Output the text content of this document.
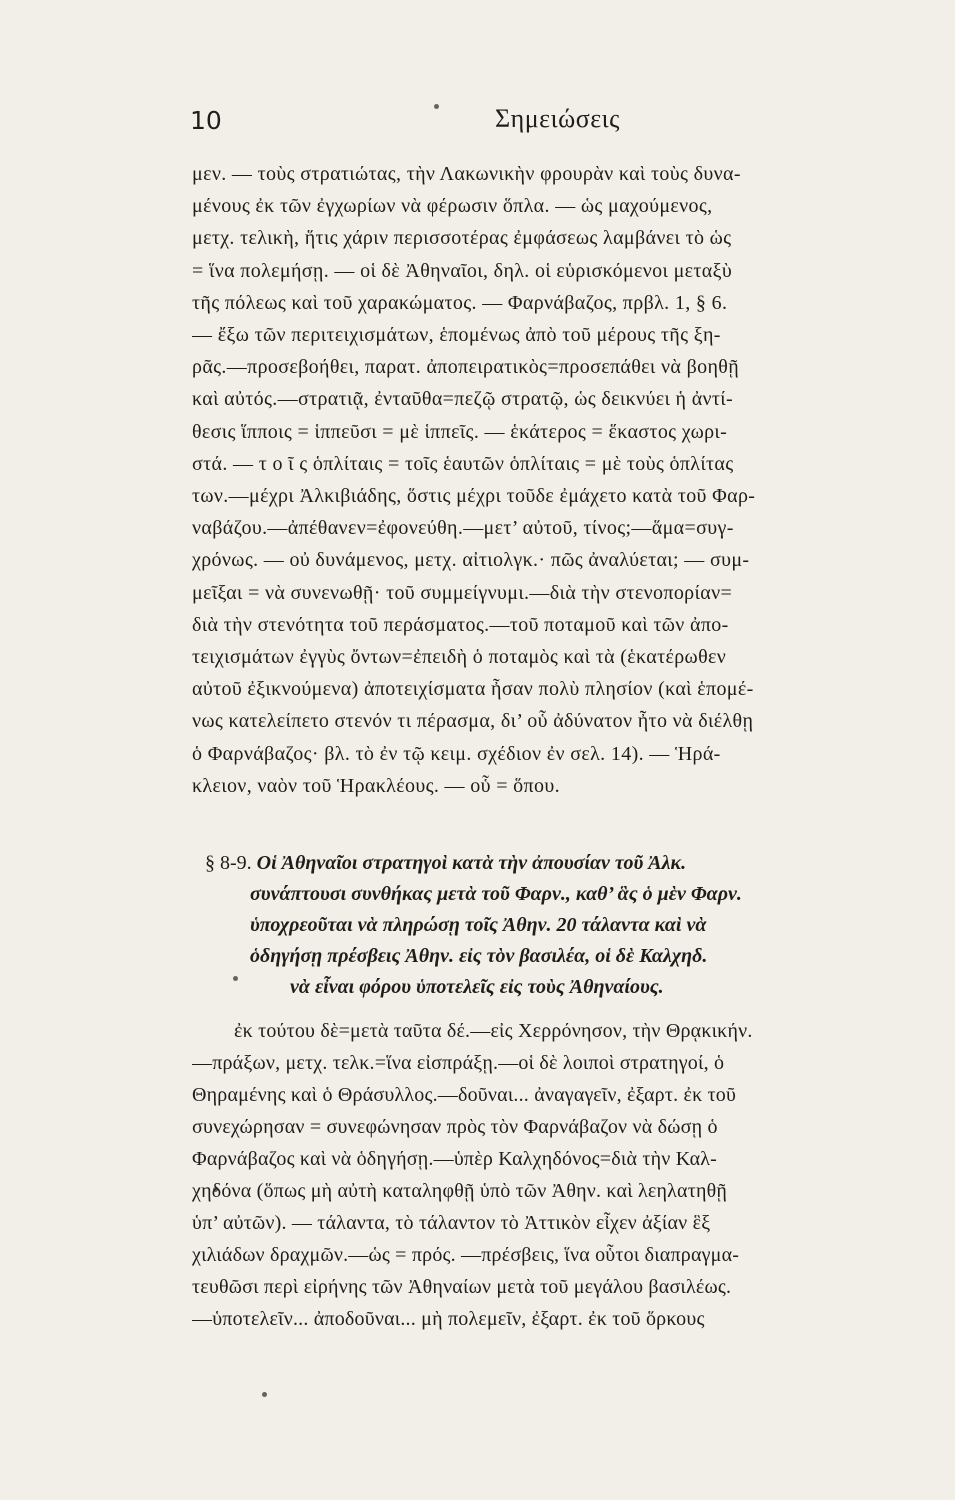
10	Σημειώσεις
μεν. — τοὺς στρατιώτας, τὴν Λακωνικὴν φρουρὰν καὶ τοὺς δυνα-
μένους ἐκ τῶν ἐγχωρίων νὰ φέρωσιν ὅπλα. — ὡς μαχούμενος,
μετχ. τελικὴ, ἥτις χάριν περισσοτέρας ἐμφάσεως λαμβάνει τὸ ὡς
= ἵνα πολεμήσῃ. — οἱ δὲ Ἀθηναῖοι, δηλ. οἱ εὑρισκόμενοι μεταξὺ
τῆς πόλεως καὶ τοῦ χαρακώματος. — Φαρνάβαζος, πρβλ. 1, § 6.
— ἔξω τῶν περιτειχισμάτων, ἑπομένως ἀπὸ τοῦ μέρους τῆς ξη-
ρᾶς.—προσεβοήθει, παρατ. ἀποπειρατικὸς=προσεπάθει νὰ βοηθῇ
καὶ αὐτός.—στρατιᾷ, ἐνταῦθα=πεζῷ στρατῷ, ὡς δεικνύει ἡ ἀντί-
θεσις ἵπποις = ἱππεῦσι = μὲ ἱππεῖς. — ἑκάτερος = ἕκαστος χωρι-
στά. — τ ο ῖ ς ὁπλίταις = τοῖς ἑαυτῶν ὁπλίταις = μὲ τοὺς ὁπλίτας
των.—μέχρι Ἀλκιβιάδης, ὅστις μέχρι τοῦδε ἐμάχετο κατὰ τοῦ Φαρ-
ναβάζου.—ἀπέθανεν=ἐφονεύθη.—μετ’ αὐτοῦ, τίνος;—ἅμα=συγ-
χρόνως. — οὐ δυνάμενος, μετχ. αἰτιολγκ.· πῶς ἀναλύεται; — συμ-
μεῖξαι = νὰ συνενωθῇ· τοῦ συμμείγνυμι.—διὰ τὴν στενοπορίαν=
διὰ τὴν στενότητα τοῦ περάσματος.—τοῦ ποταμοῦ καὶ τῶν ἀπο-
τειχισμάτων ἐγγὺς ὄντων=ἐπειδὴ ὁ ποταμὸς καὶ τὰ (ἑκατέρωθεν
αὐτοῦ ἐξικνούμενα) ἀποτειχίσματα ἦσαν πολὺ πλησίον (καὶ ἑπομέ-
νως κατελείπετο στενόν τι πέρασμα, δι’ οὗ ἀδύνατον ἦτο νὰ διέλθῃ
ὁ Φαρνάβαζος· βλ. τὸ ἐν τῷ κειμ. σχέδιον ἐν σελ. 14). — Ἡρά-
κλειον, ναὸν τοῦ Ἡρακλέους. — οὗ = ὅπου.
§ 8-9. Οἱ Ἀθηναῖοι στρατηγοὶ κατὰ τὴν ἀπουσίαν τοῦ Ἀλκ.
συνάπτουσι συνθήκας μετὰ τοῦ Φαρν., καθ’ ἃς ὁ μὲν Φαρν.
ὑποχρεοῦται νὰ πληρώσῃ τοῖς Ἀθην. 20 τάλαντα καὶ νὰ
ὁδηγήσῃ πρέσβεις Ἀθην. εἰς τὸν βασιλέα, οἱ δὲ Καλχηδ.
νὰ εἶναι φόρου ὑποτελεῖς εἰς τοὺς Ἀθηναίους.
ἐκ τούτου δὲ=μετὰ ταῦτα δέ.—εἰς Χερρόνησον, τὴν Θρᾳκικήν.
—πράξων, μετχ. τελκ.=ἵνα εἰσπράξῃ.—οἱ δὲ λοιποὶ στρατηγοί, ὁ
Θηραμένης καὶ ὁ Θράσυλλος.—δοῦναι... ἀναγαγεῖν, ἐξαρτ. ἐκ τοῦ
συνεχώρησαν = συνεφώνησαν πρὸς τὸν Φαρνάβαζον νὰ δώσῃ ὁ
Φαρνάβαζος καὶ νὰ ὁδηγήσῃ.—ὑπὲρ Καλχηδόνος=διὰ τὴν Καλ-
χηδόνα (ὅπως μὴ αὐτὴ καταληφθῇ ὑπὸ τῶν Ἀθην. καὶ λεηλατηθῇ
ὑπ’ αὐτῶν). — τάλαντα, τὸ τάλαντον τὸ Ἀττικὸν εἶχεν ἀξίαν ἓξ
χιλιάδων δραχμῶν.—ὡς = πρός. —πρέσβεις, ἵνα οὗτοι διαπραγμα-
τευθῶσι περὶ εἰρήνης τῶν Ἀθηναίων μετὰ τοῦ μεγάλου βασιλέως.
—ὑποτελεῖν... ἀποδοῦναι... μὴ πολεμεῖν, ἐξαρτ. ἐκ τοῦ ὅρκους
